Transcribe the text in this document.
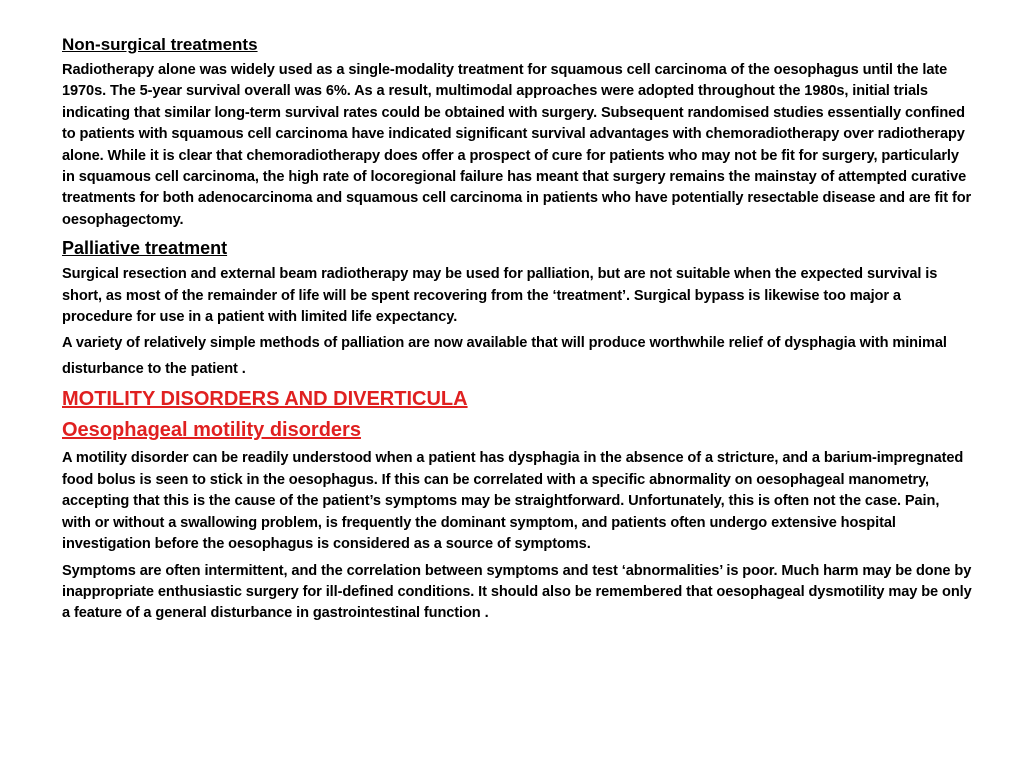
Non-surgical treatments

Radiotherapy alone was widely used as a single-modality treatment for squamous cell carcinoma of the oesophagus until the late 1970s. The 5-year survival overall was 6%. As a result, multimodal approaches were adopted throughout the 1980s, initial trials indicating that similar long-term survival rates could be obtained with surgery. Subsequent randomised studies essentially confined to patients with squamous cell carcinoma have indicated significant survival advantages with chemoradiotherapy over radiotherapy alone. While it is clear that chemoradiotherapy does offer a prospect of cure for patients who may not be fit for surgery, particularly in squamous cell carcinoma, the high rate of locoregional failure has meant that surgery remains the mainstay of attempted curative treatments for both adenocarcinoma and squamous cell carcinoma in patients who have potentially resectable disease and are fit for oesophagectomy.

Palliative treatment

Surgical resection and external beam radiotherapy may be used for palliation, but are not suitable when the expected survival is short, as most of the remainder of life will be spent recovering from the ‘treatment’. Surgical bypass is likewise too major a procedure for use in a patient with limited life expectancy.

A variety of relatively simple methods of palliation are now available that will produce worthwhile relief of dysphagia with minimal disturbance to the patient .

MOTILITY DISORDERS AND DIVERTICULA

Oesophageal motility disorders

A motility disorder can be readily understood when a patient has dysphagia in the absence of a stricture, and a barium-impregnated food bolus is seen to stick in the oesophagus. If this can be correlated with a specific abnormality on oesophageal manometry, accepting that this is the cause of the patient’s symptoms may be straightforward. Unfortunately, this is often not the case. Pain, with or without a swallowing problem, is frequently the dominant symptom, and patients often undergo extensive hospital investigation before the oesophagus is considered as a source of symptoms.

Symptoms are often intermittent, and the correlation between symptoms and test ‘abnormalities’ is poor. Much harm may be done by inappropriate enthusiastic surgery for ill-defined conditions. It should also be remembered that oesophageal dysmotility may be only a feature of a general disturbance in gastrointestinal function .
